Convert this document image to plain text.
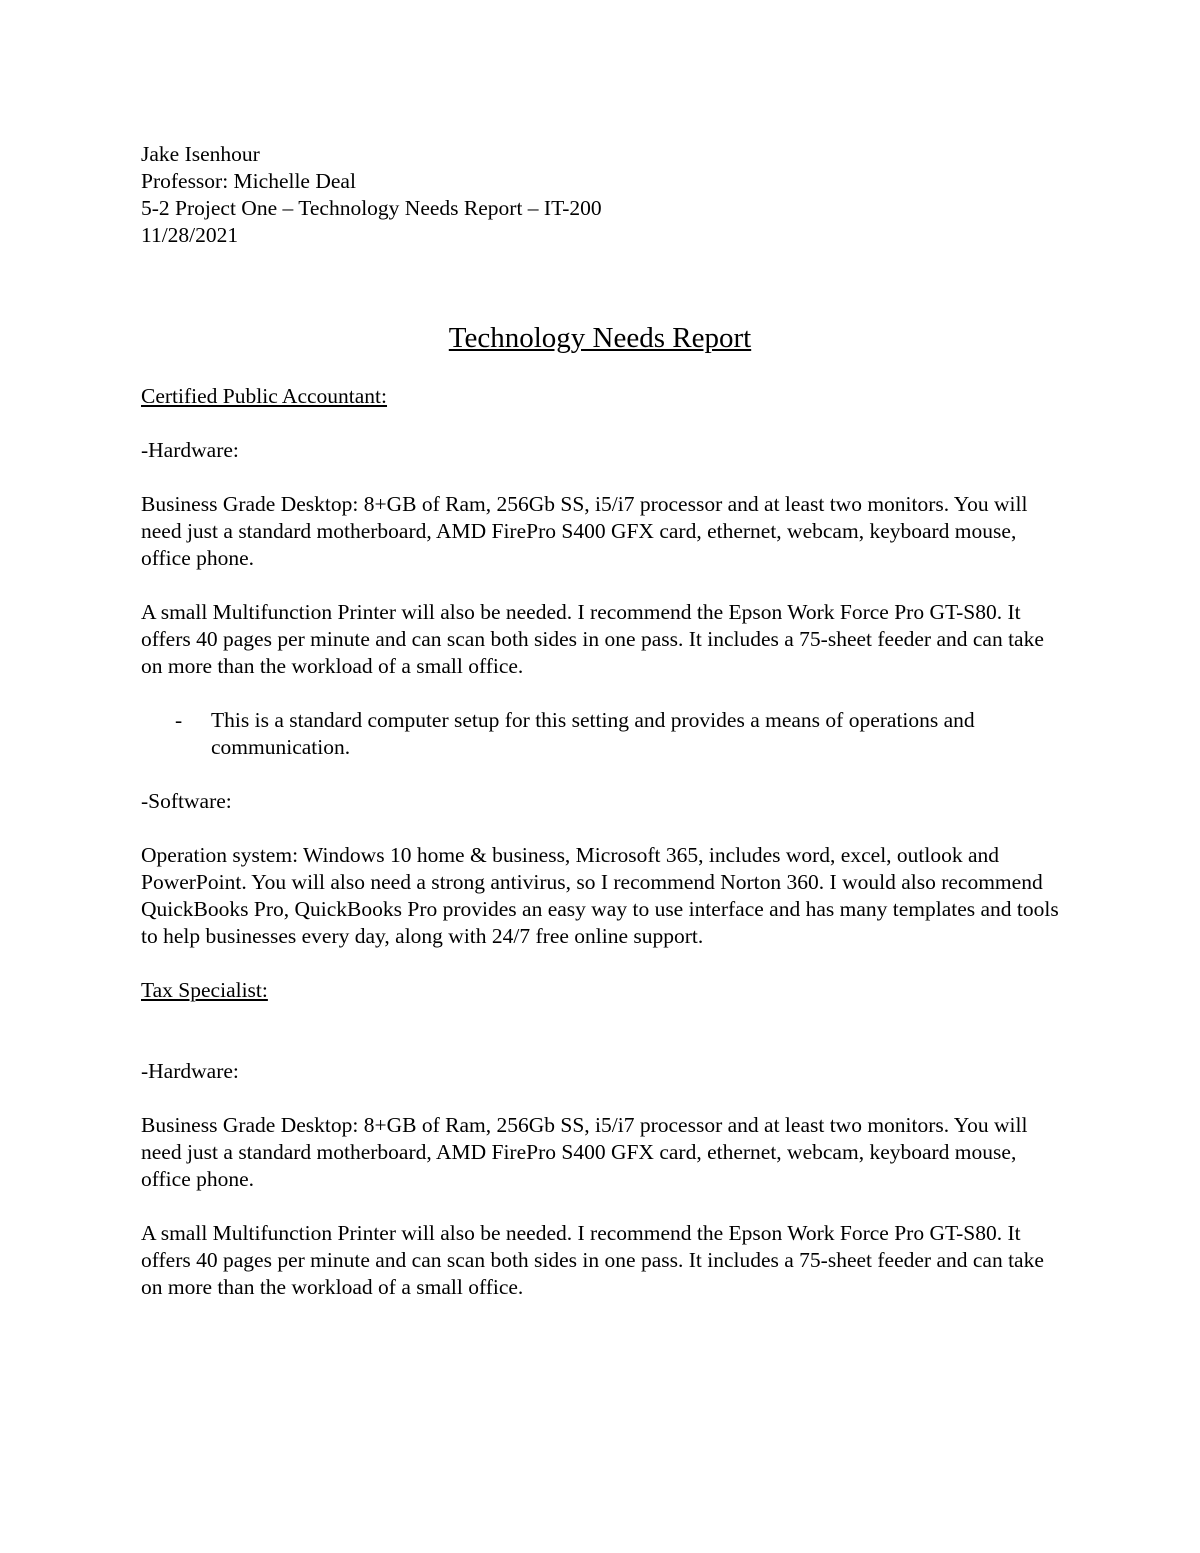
Jake Isenhour
Professor: Michelle Deal
5-2 Project One – Technology Needs Report – IT-200
11/28/2021
Technology Needs Report

Certified Public Accountant:

-Hardware:

Business Grade Desktop: 8+GB of Ram, 256Gb SS, i5/i7 processor and at least two monitors. You will need just a standard motherboard, AMD FirePro S400 GFX card, ethernet, webcam, keyboard mouse, office phone.

A small Multifunction Printer will also be needed. I recommend the Epson Work Force Pro GT-S80. It offers 40 pages per minute and can scan both sides in one pass. It includes a 75-sheet feeder and can take on more than the workload of a small office.

-	This is a standard computer setup for this setting and provides a means of operations and communication.

-Software:

Operation system: Windows 10 home & business, Microsoft 365, includes word, excel, outlook and PowerPoint. You will also need a strong antivirus, so I recommend Norton 360. I would also recommend QuickBooks Pro, QuickBooks Pro provides an easy way to use interface and has many templates and tools to help businesses every day, along with 24/7 free online support.

Tax Specialist:

-Hardware:

Business Grade Desktop: 8+GB of Ram, 256Gb SS, i5/i7 processor and at least two monitors. You will need just a standard motherboard, AMD FirePro S400 GFX card, ethernet, webcam, keyboard mouse, office phone.

A small Multifunction Printer will also be needed. I recommend the Epson Work Force Pro GT-S80. It offers 40 pages per minute and can scan both sides in one pass. It includes a 75-sheet feeder and can take on more than the workload of a small office.
